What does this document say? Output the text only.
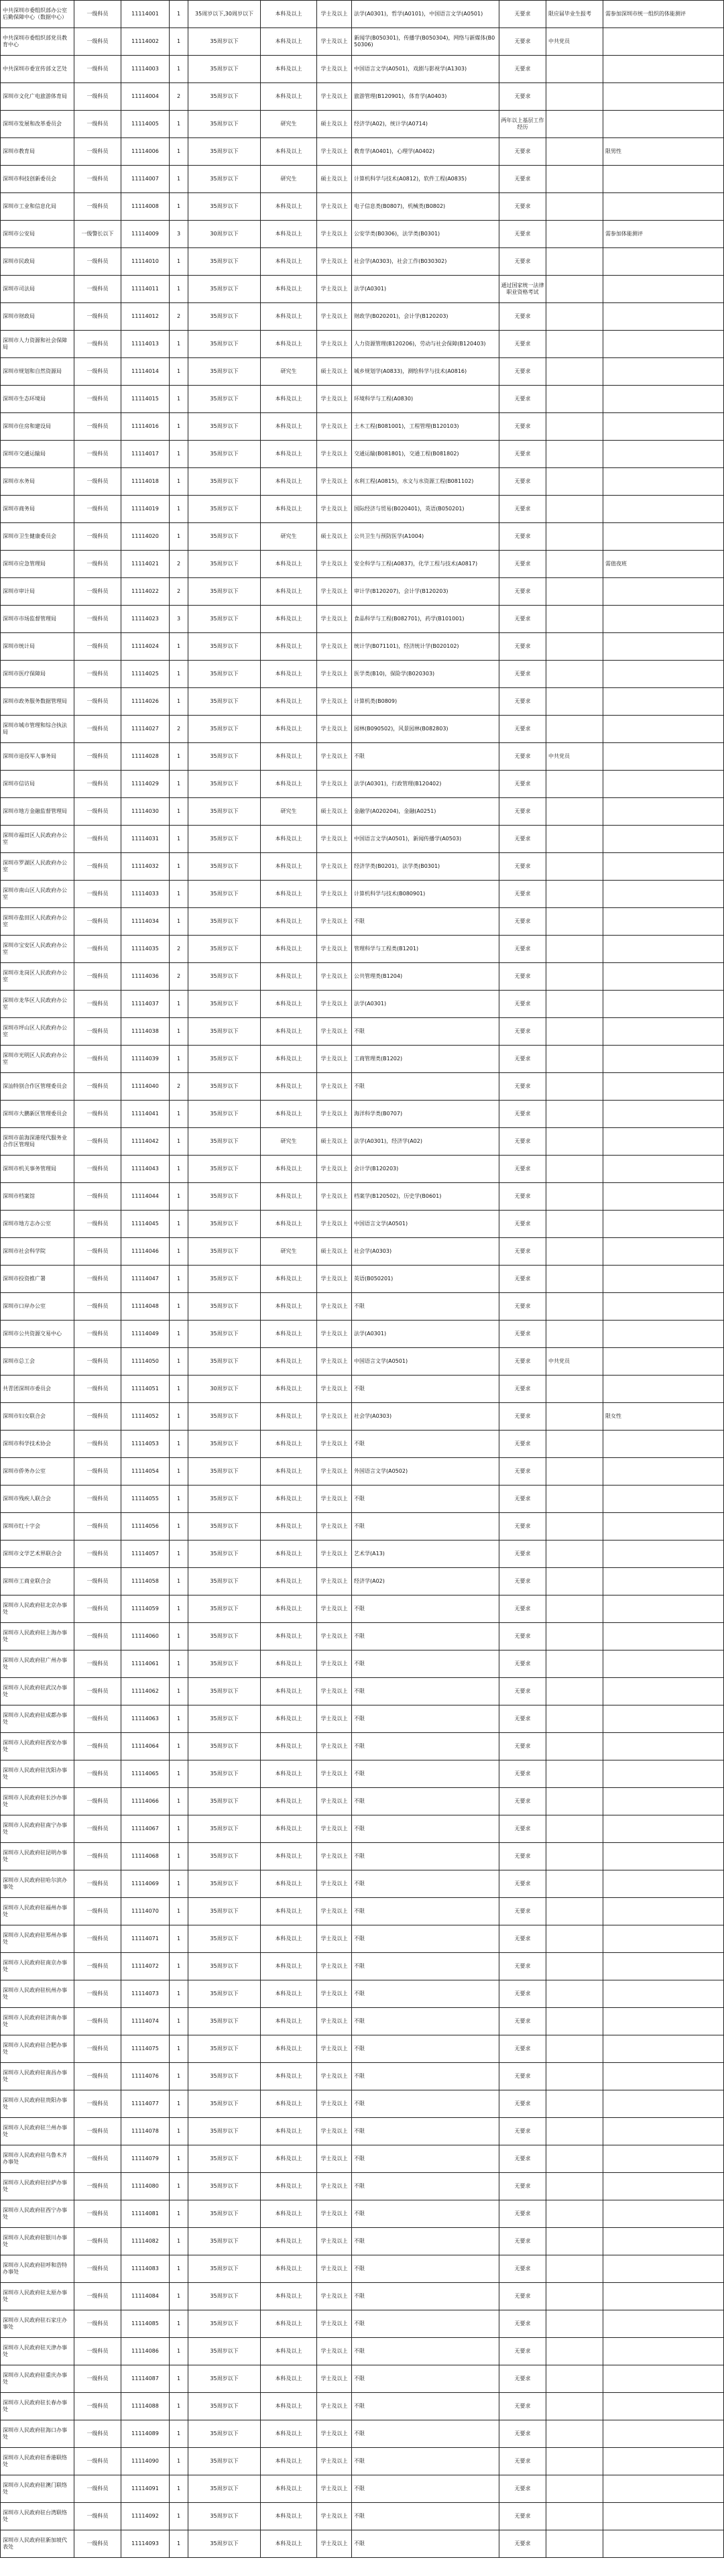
中共深圳市委组织部办公室后勤保障中心（数据中心）	一级科员	11114001	1	35周岁以下,30周岁以下	本科及以上	学士及以上	法学(A0301)，哲学(A0101)，中国语言文学(A0501)	无要求	限应届毕业生报考	需参加深圳市统一组织的体能测评
中共深圳市委组织部党员教育中心	一级科员	11114002	1	35周岁以下	本科及以上	学士及以上	新闻学(B050301)，传播学(B050304)，网络与新媒体(B050306)	无要求	中共党员	
中共深圳市委宣传部文艺处	一级科员	11114003	1	35周岁以下	本科及以上	学士及以上	中国语言文学(A0501)，戏剧与影视学(A1303)	无要求		
深圳市文化广电旅游体育局	一级科员	11114004	2	35周岁以下	本科及以上	学士及以上	旅游管理(B120901)，体育学(A0403)	无要求		
深圳市发展和改革委员会	一级科员	11114005	1	35周岁以下	研究生	硕士及以上	经济学(A02)，统计学(A0714)	两年以上基层工作经历		
深圳市教育局	一级科员	11114006	1	35周岁以下	本科及以上	学士及以上	教育学(A0401)，心理学(A0402)	无要求		限男性
深圳市科技创新委员会	一级科员	11114007	1	35周岁以下	研究生	硕士及以上	计算机科学与技术(A0812)，软件工程(A0835)	无要求		
深圳市工业和信息化局	一级科员	11114008	1	35周岁以下	本科及以上	学士及以上	电子信息类(B0807)，机械类(B0802)	无要求		
深圳市公安局	一级警长以下	11114009	3	30周岁以下	本科及以上	学士及以上	公安学类(B0306)，法学类(B0301)	无要求		需参加体能测评
深圳市民政局	一级科员	11114010	1	35周岁以下	本科及以上	学士及以上	社会学(A0303)，社会工作(B030302)	无要求		
深圳市司法局	一级科员	11114011	1	35周岁以下	本科及以上	学士及以上	法学(A0301)	通过国家统一法律职业资格考试		
深圳市财政局	一级科员	11114012	2	35周岁以下	本科及以上	学士及以上	财政学(B020201)，会计学(B120203)	无要求		
深圳市人力资源和社会保障局	一级科员	11114013	1	35周岁以下	本科及以上	学士及以上	人力资源管理(B120206)，劳动与社会保障(B120403)	无要求		
深圳市规划和自然资源局	一级科员	11114014	1	35周岁以下	研究生	硕士及以上	城乡规划学(A0833)，测绘科学与技术(A0816)	无要求		
深圳市生态环境局	一级科员	11114015	1	35周岁以下	本科及以上	学士及以上	环境科学与工程(A0830)	无要求		
深圳市住房和建设局	一级科员	11114016	1	35周岁以下	本科及以上	学士及以上	土木工程(B081001)，工程管理(B120103)	无要求		
深圳市交通运输局	一级科员	11114017	1	35周岁以下	本科及以上	学士及以上	交通运输(B081801)，交通工程(B081802)	无要求		
深圳市水务局	一级科员	11114018	1	35周岁以下	本科及以上	学士及以上	水利工程(A0815)，水文与水资源工程(B081102)	无要求		
深圳市商务局	一级科员	11114019	1	35周岁以下	本科及以上	学士及以上	国际经济与贸易(B020401)，英语(B050201)	无要求		
深圳市卫生健康委员会	一级科员	11114020	1	35周岁以下	研究生	硕士及以上	公共卫生与预防医学(A1004)	无要求		
深圳市应急管理局	一级科员	11114021	2	35周岁以下	本科及以上	学士及以上	安全科学与工程(A0837)，化学工程与技术(A0817)	无要求		需值夜班
深圳市审计局	一级科员	11114022	2	35周岁以下	本科及以上	学士及以上	审计学(B120207)，会计学(B120203)	无要求		
深圳市市场监督管理局	一级科员	11114023	3	35周岁以下	本科及以上	学士及以上	食品科学与工程(B082701)，药学(B101001)	无要求		
深圳市统计局	一级科员	11114024	1	35周岁以下	本科及以上	学士及以上	统计学(B071101)，经济统计学(B020102)	无要求		
深圳市医疗保障局	一级科员	11114025	1	35周岁以下	本科及以上	学士及以上	医学类(B10)，保险学(B020303)	无要求		
深圳市政务服务数据管理局	一级科员	11114026	1	35周岁以下	本科及以上	学士及以上	计算机类(B0809)	无要求		
深圳市城市管理和综合执法局	一级科员	11114027	2	35周岁以下	本科及以上	学士及以上	园林(B090502)，风景园林(B082803)	无要求		
深圳市退役军人事务局	一级科员	11114028	1	35周岁以下	本科及以上	学士及以上	不限	无要求	中共党员	
深圳市信访局	一级科员	11114029	1	35周岁以下	本科及以上	学士及以上	法学(A0301)，行政管理(B120402)	无要求		
深圳市地方金融监督管理局	一级科员	11114030	1	35周岁以下	研究生	硕士及以上	金融学(A020204)，金融(A0251)	无要求		
深圳市福田区人民政府办公室	一级科员	11114031	1	35周岁以下	本科及以上	学士及以上	中国语言文学(A0501)，新闻传播学(A0503)	无要求		
深圳市罗湖区人民政府办公室	一级科员	11114032	1	35周岁以下	本科及以上	学士及以上	经济学类(B0201)，法学类(B0301)	无要求		
深圳市南山区人民政府办公室	一级科员	11114033	1	35周岁以下	本科及以上	学士及以上	计算机科学与技术(B080901)	无要求		
深圳市盐田区人民政府办公室	一级科员	11114034	1	35周岁以下	本科及以上	学士及以上	不限	无要求		
深圳市宝安区人民政府办公室	一级科员	11114035	2	35周岁以下	本科及以上	学士及以上	管理科学与工程类(B1201)	无要求		
深圳市龙岗区人民政府办公室	一级科员	11114036	2	35周岁以下	本科及以上	学士及以上	公共管理类(B1204)	无要求		
深圳市龙华区人民政府办公室	一级科员	11114037	1	35周岁以下	本科及以上	学士及以上	法学(A0301)	无要求		
深圳市坪山区人民政府办公室	一级科员	11114038	1	35周岁以下	本科及以上	学士及以上	不限	无要求		
深圳市光明区人民政府办公室	一级科员	11114039	1	35周岁以下	本科及以上	学士及以上	工商管理类(B1202)	无要求		
深汕特别合作区管理委员会	一级科员	11114040	2	35周岁以下	本科及以上	学士及以上	不限	无要求		
深圳市大鹏新区管理委员会	一级科员	11114041	1	35周岁以下	本科及以上	学士及以上	海洋科学类(B0707)	无要求		
深圳市前海深港现代服务业合作区管理局	一级科员	11114042	1	35周岁以下	研究生	硕士及以上	法学(A0301)，经济学(A02)	无要求		
深圳市机关事务管理局	一级科员	11114043	1	35周岁以下	本科及以上	学士及以上	会计学(B120203)	无要求		
深圳市档案馆	一级科员	11114044	1	35周岁以下	本科及以上	学士及以上	档案学(B120502)，历史学(B0601)	无要求		
深圳市地方志办公室	一级科员	11114045	1	35周岁以下	本科及以上	学士及以上	中国语言文学(A0501)	无要求		
深圳市社会科学院	一级科员	11114046	1	35周岁以下	研究生	硕士及以上	社会学(A0303)	无要求		
深圳市投资推广署	一级科员	11114047	1	35周岁以下	本科及以上	学士及以上	英语(B050201)	无要求		
深圳市口岸办公室	一级科员	11114048	1	35周岁以下	本科及以上	学士及以上	不限	无要求		
深圳市公共资源交易中心	一级科员	11114049	1	35周岁以下	本科及以上	学士及以上	法学(A0301)	无要求		
深圳市总工会	一级科员	11114050	1	35周岁以下	本科及以上	学士及以上	中国语言文学(A0501)	无要求	中共党员	
共青团深圳市委员会	一级科员	11114051	1	30周岁以下	本科及以上	学士及以上	不限	无要求		
深圳市妇女联合会	一级科员	11114052	1	35周岁以下	本科及以上	学士及以上	社会学(A0303)	无要求		限女性
深圳市科学技术协会	一级科员	11114053	1	35周岁以下	本科及以上	学士及以上	不限	无要求		
深圳市侨务办公室	一级科员	11114054	1	35周岁以下	本科及以上	学士及以上	外国语言文学(A0502)	无要求		
深圳市残疾人联合会	一级科员	11114055	1	35周岁以下	本科及以上	学士及以上	不限	无要求		
深圳市红十字会	一级科员	11114056	1	35周岁以下	本科及以上	学士及以上	不限	无要求		
深圳市文学艺术界联合会	一级科员	11114057	1	35周岁以下	本科及以上	学士及以上	艺术学(A13)	无要求		
深圳市工商业联合会	一级科员	11114058	1	35周岁以下	本科及以上	学士及以上	经济学(A02)	无要求		
深圳市人民政府驻北京办事处	一级科员	11114059	1	35周岁以下	本科及以上	学士及以上	不限	无要求		
深圳市人民政府驻上海办事处	一级科员	11114060	1	35周岁以下	本科及以上	学士及以上	不限	无要求		
深圳市人民政府驻广州办事处	一级科员	11114061	1	35周岁以下	本科及以上	学士及以上	不限	无要求		
深圳市人民政府驻武汉办事处	一级科员	11114062	1	35周岁以下	本科及以上	学士及以上	不限	无要求		
深圳市人民政府驻成都办事处	一级科员	11114063	1	35周岁以下	本科及以上	学士及以上	不限	无要求		
深圳市人民政府驻西安办事处	一级科员	11114064	1	35周岁以下	本科及以上	学士及以上	不限	无要求		
深圳市人民政府驻沈阳办事处	一级科员	11114065	1	35周岁以下	本科及以上	学士及以上	不限	无要求		
深圳市人民政府驻长沙办事处	一级科员	11114066	1	35周岁以下	本科及以上	学士及以上	不限	无要求		
深圳市人民政府驻南宁办事处	一级科员	11114067	1	35周岁以下	本科及以上	学士及以上	不限	无要求		
深圳市人民政府驻昆明办事处	一级科员	11114068	1	35周岁以下	本科及以上	学士及以上	不限	无要求		
深圳市人民政府驻哈尔滨办事处	一级科员	11114069	1	35周岁以下	本科及以上	学士及以上	不限	无要求		
深圳市人民政府驻福州办事处	一级科员	11114070	1	35周岁以下	本科及以上	学士及以上	不限	无要求		
深圳市人民政府驻郑州办事处	一级科员	11114071	1	35周岁以下	本科及以上	学士及以上	不限	无要求		
深圳市人民政府驻南京办事处	一级科员	11114072	1	35周岁以下	本科及以上	学士及以上	不限	无要求		
深圳市人民政府驻杭州办事处	一级科员	11114073	1	35周岁以下	本科及以上	学士及以上	不限	无要求		
深圳市人民政府驻济南办事处	一级科员	11114074	1	35周岁以下	本科及以上	学士及以上	不限	无要求		
深圳市人民政府驻合肥办事处	一级科员	11114075	1	35周岁以下	本科及以上	学士及以上	不限	无要求		
深圳市人民政府驻南昌办事处	一级科员	11114076	1	35周岁以下	本科及以上	学士及以上	不限	无要求		
深圳市人民政府驻贵阳办事处	一级科员	11114077	1	35周岁以下	本科及以上	学士及以上	不限	无要求		
深圳市人民政府驻兰州办事处	一级科员	11114078	1	35周岁以下	本科及以上	学士及以上	不限	无要求		
深圳市人民政府驻乌鲁木齐办事处	一级科员	11114079	1	35周岁以下	本科及以上	学士及以上	不限	无要求		
深圳市人民政府驻拉萨办事处	一级科员	11114080	1	35周岁以下	本科及以上	学士及以上	不限	无要求		
深圳市人民政府驻西宁办事处	一级科员	11114081	1	35周岁以下	本科及以上	学士及以上	不限	无要求		
深圳市人民政府驻银川办事处	一级科员	11114082	1	35周岁以下	本科及以上	学士及以上	不限	无要求		
深圳市人民政府驻呼和浩特办事处	一级科员	11114083	1	35周岁以下	本科及以上	学士及以上	不限	无要求		
深圳市人民政府驻太原办事处	一级科员	11114084	1	35周岁以下	本科及以上	学士及以上	不限	无要求		
深圳市人民政府驻石家庄办事处	一级科员	11114085	1	35周岁以下	本科及以上	学士及以上	不限	无要求		
深圳市人民政府驻天津办事处	一级科员	11114086	1	35周岁以下	本科及以上	学士及以上	不限	无要求		
深圳市人民政府驻重庆办事处	一级科员	11114087	1	35周岁以下	本科及以上	学士及以上	不限	无要求		
深圳市人民政府驻长春办事处	一级科员	11114088	1	35周岁以下	本科及以上	学士及以上	不限	无要求		
深圳市人民政府驻海口办事处	一级科员	11114089	1	35周岁以下	本科及以上	学士及以上	不限	无要求		
深圳市人民政府驻香港联络处	一级科员	11114090	1	35周岁以下	本科及以上	学士及以上	不限	无要求		
深圳市人民政府驻澳门联络处	一级科员	11114091	1	35周岁以下	本科及以上	学士及以上	不限	无要求		
深圳市人民政府驻台湾联络处	一级科员	11114092	1	35周岁以下	本科及以上	学士及以上	不限	无要求		
深圳市人民政府驻新加坡代表处	一级科员	11114093	1	35周岁以下	本科及以上	学士及以上	不限	无要求		
